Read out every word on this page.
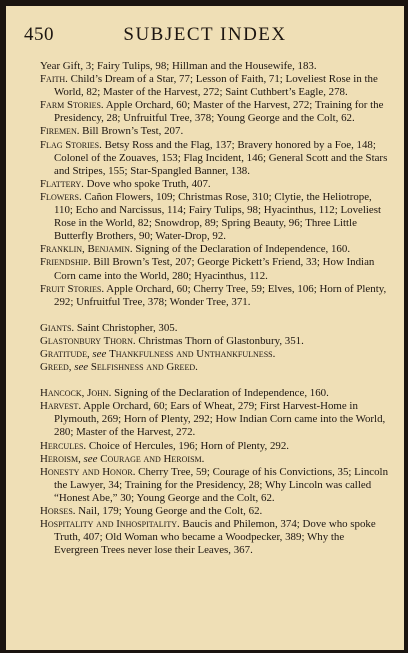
450	SUBJECT INDEX

Year Gift, 3; Fairy Tulips, 98; Hillman and the Housewife, 183.

Faith. Child’s Dream of a Star, 77; Lesson of Faith, 71; Loveliest Rose in the World, 82; Master of the Harvest, 272; Saint Cuthbert’s Eagle, 278.

Farm Stories. Apple Orchard, 60; Master of the Harvest, 272; Training for the Presidency, 28; Unfruitful Tree, 378; Young George and the Colt, 62.

Firemen. Bill Brown’s Test, 207.

Flag Stories. Betsy Ross and the Flag, 137; Bravery honored by a Foe, 148; Colonel of the Zouaves, 153; Flag Incident, 146; General Scott and the Stars and Stripes, 155; Star-Spangled Banner, 138.

Flattery. Dove who spoke Truth, 407.

Flowers. Cañon Flowers, 109; Christmas Rose, 310; Clytie, the Heliotrope, 110; Echo and Narcissus, 114; Fairy Tulips, 98; Hyacinthus, 112; Loveliest Rose in the World, 82; Snowdrop, 89; Spring Beauty, 96; Three Little Butterfly Brothers, 90; Water-Drop, 92.

Franklin, Benjamin. Signing of the Declaration of Independence, 160.

Friendship. Bill Brown’s Test, 207; George Pickett’s Friend, 33; How Indian Corn came into the World, 280; Hyacinthus, 112.

Fruit Stories. Apple Orchard, 60; Cherry Tree, 59; Elves, 106; Horn of Plenty, 292; Unfruitful Tree, 378; Wonder Tree, 371.

Giants. Saint Christopher, 305.

Glastonbury Thorn. Christmas Thorn of Glastonbury, 351.

Gratitude, see Thankfulness and Unthankfulness.

Greed, see Selfishness and Greed.

Hancock, John. Signing of the Declaration of Independence, 160.

Harvest. Apple Orchard, 60; Ears of Wheat, 279; First Harvest-Home in Plymouth, 269; Horn of Plenty, 292; How Indian Corn came into the World, 280; Master of the Harvest, 272.

Hercules. Choice of Hercules, 196; Horn of Plenty, 292.

Heroism, see Courage and Heroism.

Honesty and Honor. Cherry Tree, 59; Courage of his Convictions, 35; Lincoln the Lawyer, 34; Training for the Presidency, 28; Why Lincoln was called “Honest Abe,” 30; Young George and the Colt, 62.

Horses. Nail, 179; Young George and the Colt, 62.

Hospitality and Inhospitality. Baucis and Philemon, 374; Dove who spoke Truth, 407; Old Woman who became a Woodpecker, 389; Why the Evergreen Trees never lose their Leaves, 367.
